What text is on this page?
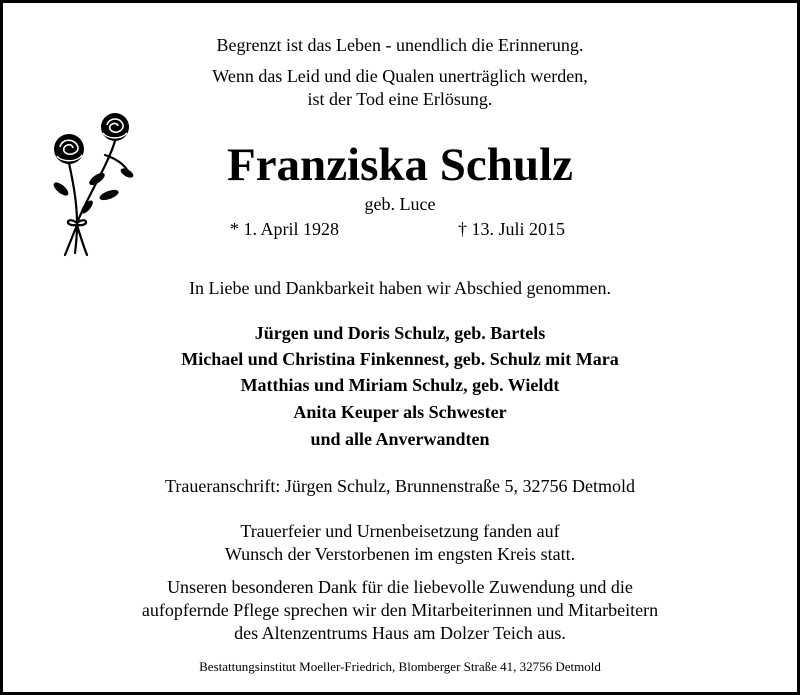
Begrenzt ist das Leben - unendlich die Erinnerung.
Wenn das Leid und die Qualen unerträglich werden,
ist der Tod eine Erlösung.
Franziska Schulz
geb. Luce
* 1. April 1928	† 13. Juli 2015
In Liebe und Dankbarkeit haben wir Abschied genommen.
Jürgen und Doris Schulz, geb. Bartels
Michael und Christina Finkennest, geb. Schulz mit Mara
Matthias und Miriam Schulz, geb. Wieldt
Anita Keuper als Schwester
und alle Anverwandten
Traueranschrift: Jürgen Schulz, Brunnenstraße 5, 32756 Detmold
Trauerfeier und Urnenbeisetzung fanden auf
Wunsch der Verstorbenen im engsten Kreis statt.
Unseren besonderen Dank für die liebevolle Zuwendung und die
aufopfernde Pflege sprechen wir den Mitarbeiterinnen und Mitarbeitern
des Altenzentrums Haus am Dolzer Teich aus.
Bestattungsinstitut Moeller-Friedrich, Blomberger Straße 41, 32756 Detmold
